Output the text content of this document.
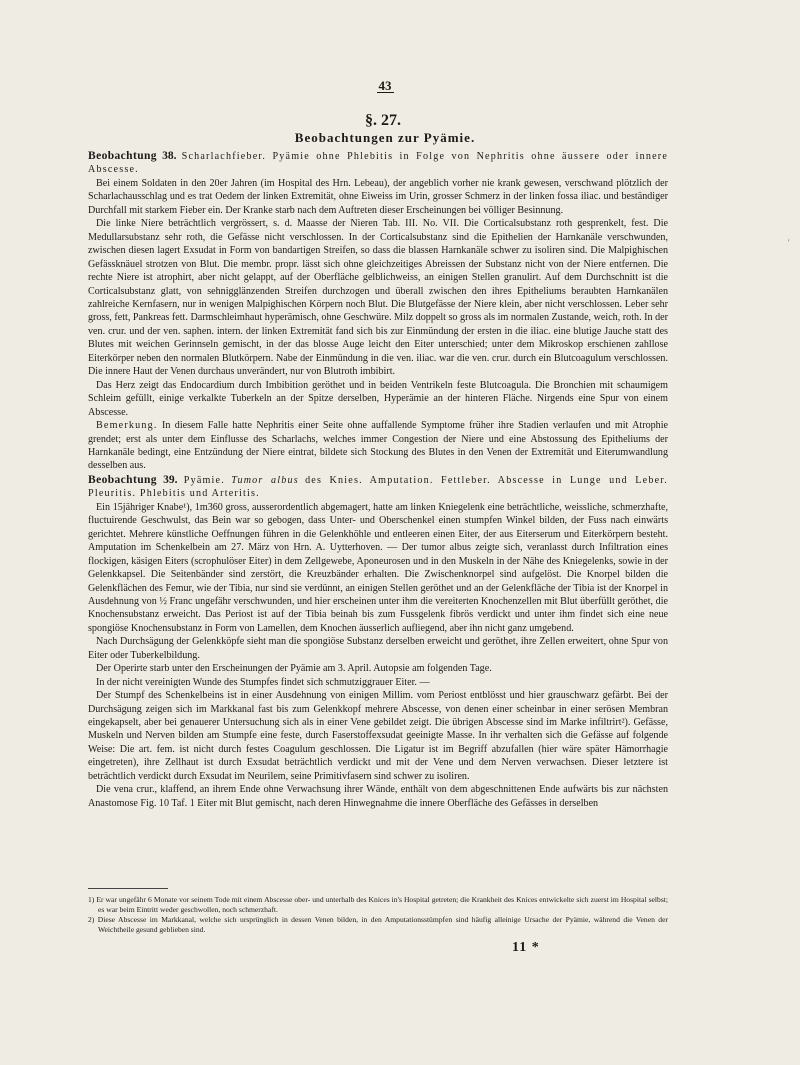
43
§. 27.
Beobachtungen zur Pyämie.

Beobachtung 38. Scharlachfieber. Pyämie ohne Phlebitis in Folge von Nephritis ohne äussere oder innere Abscesse.

Bei einem Soldaten in den 20er Jahren (im Hospital des Hrn. Lebeau), der angeblich vorher nie krank gewesen, verschwand plötzlich der Scharlachausschlag und es trat Oedem der linken Extremität, ohne Eiweiss im Urin, grosser Schmerz in der linken fossa iliac. und beständiger Durchfall mit starkem Fieber ein. Der Kranke starb nach dem Auftreten dieser Erscheinungen bei völliger Besinnung.

Die linke Niere beträchtlich vergrössert, s. d. Maasse der Nieren Tab. III. No. VII. Die Corticalsubstanz roth gesprenkelt, fest. Die Medullarsubstanz sehr roth, die Gefässe nicht verschlossen. In der Corticalsubstanz sind die Epithelien der Harnkanäle verschwunden, zwischen diesen lagert Exsudat in Form von bandartigen Streifen, so dass die blassen Harnkanäle schwer zu isoliren sind. Die Malpighischen Gefässknäuel strotzen von Blut. Die membr. propr. lässt sich ohne gleichzeitiges Abreissen der Substanz nicht von der Niere entfernen. Die rechte Niere ist atrophirt, aber nicht gelappt, auf der Oberfläche gelblichweiss, an einigen Stellen granulirt. Auf dem Durchschnitt ist die Corticalsubstanz glatt, von sehnigglänzenden Streifen durchzogen und überall zwischen den ihres Epitheliums beraubten Harnkanälen zahlreiche Kernfasern, nur in wenigen Malpighischen Körpern noch Blut. Die Blutgefässe der Niere klein, aber nicht verschlossen. Leber sehr gross, fett, Pankreas fett. Darmschleimhaut hyperämisch, ohne Geschwüre. Milz doppelt so gross als im normalen Zustande, weich, roth. In der ven. crur. und der ven. saphen. intern. der linken Extremität fand sich bis zur Einmündung der ersten in die iliac. eine blutige Jauche statt des Blutes mit weichen Gerinnseln gemischt, in der das blosse Auge leicht den Eiter unterschied; unter dem Mikroskop erschienen zahllose Eiterkörper neben den normalen Blutkörpern. Nabe der Einmündung in die ven. iliac. war die ven. crur. durch ein Blutcoagulum verschlossen. Die innere Haut der Venen durchaus unverändert, nur von Blutroth imbibirt.

Das Herz zeigt das Endocardium durch Imbibition geröthet und in beiden Ventrikeln feste Blutcoagula. Die Bronchien mit schaumigem Schleim gefüllt, einige verkalkte Tuberkeln an der Spitze derselben, Hyperämie an der hinteren Fläche. Nirgends eine Spur von einem Abscesse.

Bemerkung. In diesem Falle hatte Nephritis einer Seite ohne auffallende Symptome früher ihre Stadien verlaufen und mit Atrophie grendet; erst als unter dem Einflusse des Scharlachs, welches immer Congestion der Niere und eine Abstossung des Epitheliums der Harnkanäle bedingt, eine Entzündung der Niere eintrat, bildete sich Stockung des Blutes in den Venen der Extremität und Eiterumwandlung desselben aus.

Beobachtung 39. Pyämie. Tumor albus des Knies. Amputation. Fettleber. Abscesse in Lunge und Leber. Pleuritis. Phlebitis und Arteritis.

Ein 15jähriger Knabe¹), 1m360 gross, ausserordentlich abgemagert, hatte am linken Kniegelenk eine beträchtliche, weissliche, schmerzhafte, fluctuirende Geschwulst, das Bein war so gebogen, dass Unter- und Oberschenkel einen stumpfen Winkel bilden, der Fuss nach einwärts gerichtet. Mehrere künstliche Oeffnungen führen in die Gelenkhöhle und entleeren einen Eiter, der aus Eiterserum und Eiterkörpern besteht. Amputation im Schenkelbein am 27. März von Hrn. A. Uytterhoven. — Der tumor albus zeigte sich, veranlasst durch Infiltration eines flockigen, käsigen Eiters (scrophulöser Eiter) in dem Zellgewebe, Aponeurosen und in den Muskeln in der Nähe des Kniegelenks, sowie in der Gelenkkapsel. Die Seitenbänder sind zerstört, die Kreuzbänder erhalten. Die Zwischenknorpel sind aufgelöst. Die Knorpel bilden die Gelenkflächen des Femur, wie der Tibia, nur sind sie verdünnt, an einigen Stellen geröthet und an der Gelenkfläche der Tibia ist der Knorpel in Ausdehnung von ½ Franc ungefähr verschwunden, und hier erscheinen unter ihm die vereiterten Knochenzellen mit Blut überfüllt geröthet, die Knochensubstanz erweicht. Das Periost ist auf der Tibia beinah bis zum Fussgelenk fibrös verdickt und unter ihm findet sich eine neue spongiöse Knochensubstanz in Form von Lamellen, dem Knochen äusserlich aufliegend, aber ihn nicht ganz umgebend.

Nach Durchsägung der Gelenkköpfe sieht man die spongiöse Substanz derselben erweicht und geröthet, ihre Zellen erweitert, ohne Spur von Eiter oder Tuberkelbildung.

Der Operirte starb unter den Erscheinungen der Pyämie am 3. April. Autopsie am folgenden Tage.

In der nicht vereinigten Wunde des Stumpfes findet sich schmutziggrauer Eiter. —

Der Stumpf des Schenkelbeins ist in einer Ausdehnung von einigen Millim. vom Periost entblösst und hier grauschwarz gefärbt. Bei der Durchsägung zeigen sich im Markkanal fast bis zum Gelenkkopf mehrere Abscesse, von denen einer scheinbar in einer serösen Membran eingekapselt, aber bei genauerer Untersuchung sich als in einer Vene gebildet zeigt. Die übrigen Abscesse sind im Marke infiltrirt²). Gefässe, Muskeln und Nerven bilden am Stumpfe eine feste, durch Faserstoffexsudat geeinigte Masse. In ihr verhalten sich die Gefässe auf folgende Weise: Die art. fem. ist nicht durch festes Coagulum geschlossen. Die Ligatur ist im Begriff abzufallen (hier wäre später Hämorrhagie eingetreten), ihre Zellhaut ist durch Exsudat beträchtlich verdickt und mit der Vene und dem Nerven verwachsen. Dieser letztere ist beträchtlich verdickt durch Exsudat im Neurilem, seine Primitivfasern sind schwer zu isoliren.

Die vena crur., klaffend, an ihrem Ende ohne Verwachsung ihrer Wände, enthält von dem abgeschnittenen Ende aufwärts bis zur nächsten Anastomose Fig. 10 Taf. 1 Eiter mit Blut gemischt, nach deren Hinwegnahme die innere Oberfläche des Gefässes in derselben

1) Er war ungefähr 6 Monate vor seinem Tode mit einem Abscesse ober- und unterhalb des Knices in's Hospital getreten; die Krankheit des Knices entwickelte sich zuerst im Hospital selbst; es war beim Eintritt weder geschwollen, noch schmerzhaft.

2) Diese Abscesse im Markkanal, welche sich ursprünglich in dessen Venen bilden, in den Amputationsstümpfen sind häufig alleinige Ursache der Pyämie, während die Venen der Weichtheile gesund geblieben sind.

11 *
'
